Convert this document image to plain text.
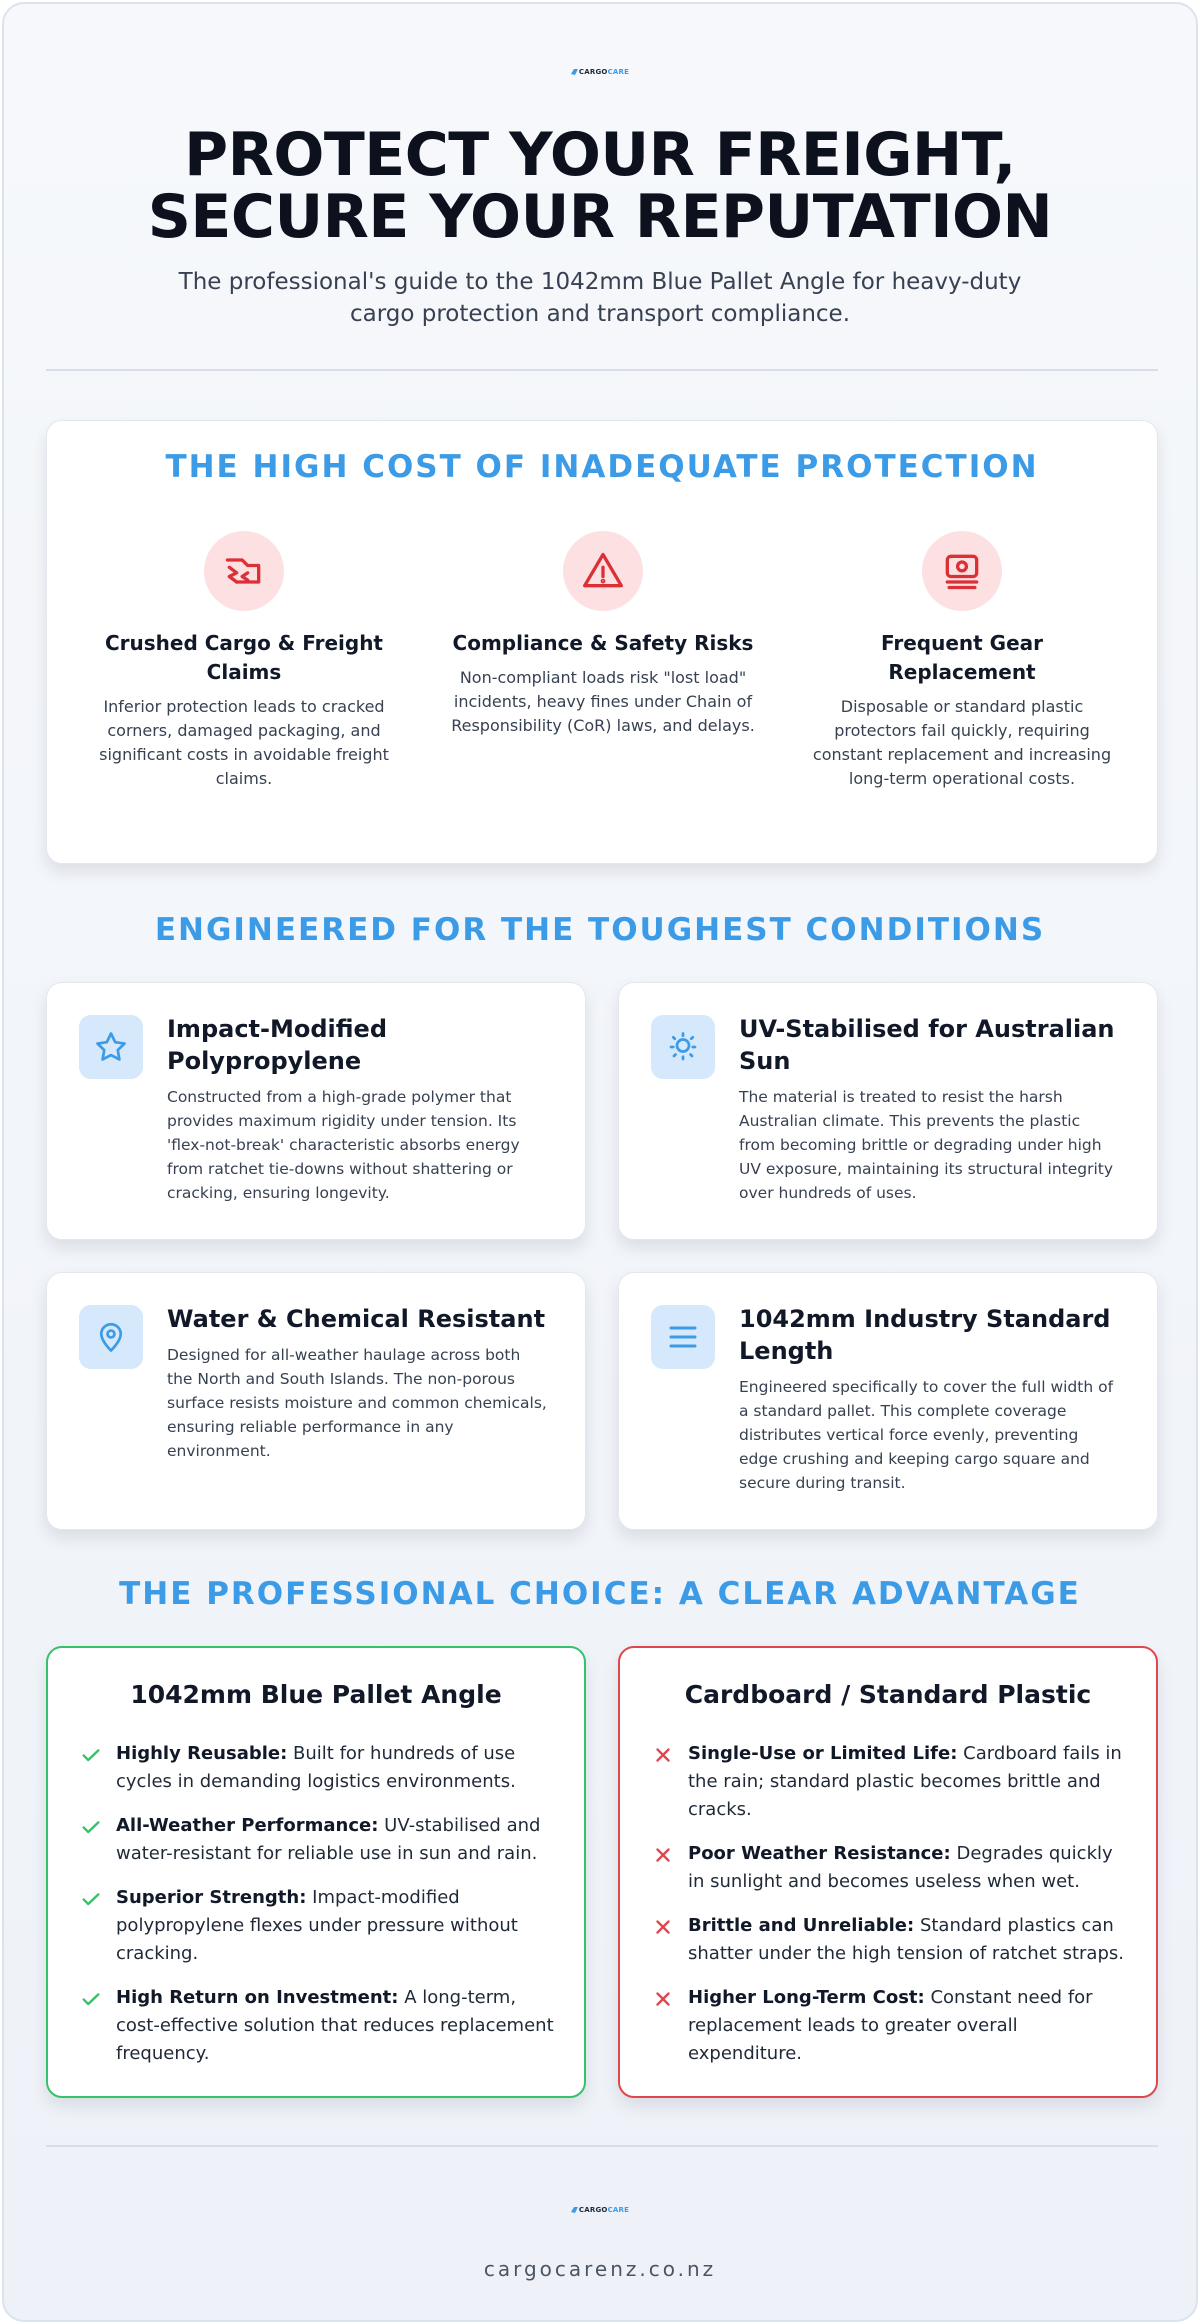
CARGOCARE
PROTECT YOUR FREIGHT, SECURE YOUR REPUTATION

The professional's guide to the 1042mm Blue Pallet Angle for heavy-duty cargo protection and transport compliance.

THE HIGH COST OF INADEQUATE PROTECTION
Crushed Cargo & Freight Claims
Inferior protection leads to cracked corners, damaged packaging, and significant costs in avoidable freight claims.
Compliance & Safety Risks
Non-compliant loads risk "lost load" incidents, heavy fines under Chain of Responsibility (CoR) laws, and delays.
Frequent Gear Replacement
Disposable or standard plastic protectors fail quickly, requiring constant replacement and increasing long-term operational costs.
ENGINEERED FOR THE TOUGHEST CONDITIONS
Impact-Modified Polypropylene
Constructed from a high-grade polymer that provides maximum rigidity under tension. Its 'flex-not-break' characteristic absorbs energy from ratchet tie-downs without shattering or cracking, ensuring longevity.
UV-Stabilised for Australian Sun
The material is treated to resist the harsh Australian climate. This prevents the plastic from becoming brittle or degrading under high UV exposure, maintaining its structural integrity over hundreds of uses.
Water & Chemical Resistant
Designed for all-weather haulage across both the North and South Islands. The non-porous surface resists moisture and common chemicals, ensuring reliable performance in any environment.
1042mm Industry Standard Length
Engineered specifically to cover the full width of a standard pallet. This complete coverage distributes vertical force evenly, preventing edge crushing and keeping cargo square and secure during transit.
THE PROFESSIONAL CHOICE: A CLEAR ADVANTAGE
1042mm Blue Pallet Angle
Highly Reusable: Built for hundreds of use cycles in demanding logistics environments.
All-Weather Performance: UV-stabilised and water-resistant for reliable use in sun and rain.
Superior Strength: Impact-modified polypropylene flexes under pressure without cracking.
High Return on Investment: A long-term, cost-effective solution that reduces replacement frequency.
Cardboard / Standard Plastic
Single-Use or Limited Life: Cardboard fails in the rain; standard plastic becomes brittle and cracks.
Poor Weather Resistance: Degrades quickly in sunlight and becomes useless when wet.
Brittle and Unreliable: Standard plastics can shatter under the high tension of ratchet straps.
Higher Long-Term Cost: Constant need for replacement leads to greater overall expenditure.
CARGOCARE
cargocarenz.co.nz
